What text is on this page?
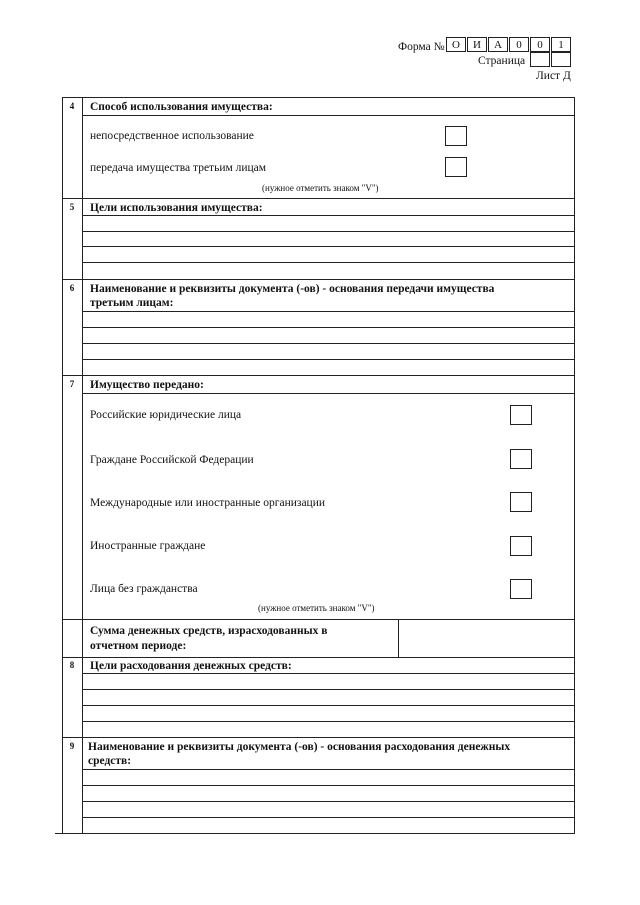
Форма № О	И	А	0	0	1
Страница
Лист Д
4	Способ использования имущества:
непосредственное использование
передача имущества третьим лицам
(нужное отметить знаком "V")
5	Цели использования имущества:
6	Наименование и реквизиты документа (-ов) - основания передачи имущества
третьим лицам:
7	Имущество передано:
Российские юридические лица
Граждане Российской Федерации
Международные или иностранные организации
Иностранные граждане
Лица без гражданства
(нужное отметить знаком "V")
Сумма денежных средств, израсходованных в
отчетном периоде:
8	Цели расходования денежных средств:
9	Наименование и реквизиты документа (-ов) - основания расходования денежных
средств:
